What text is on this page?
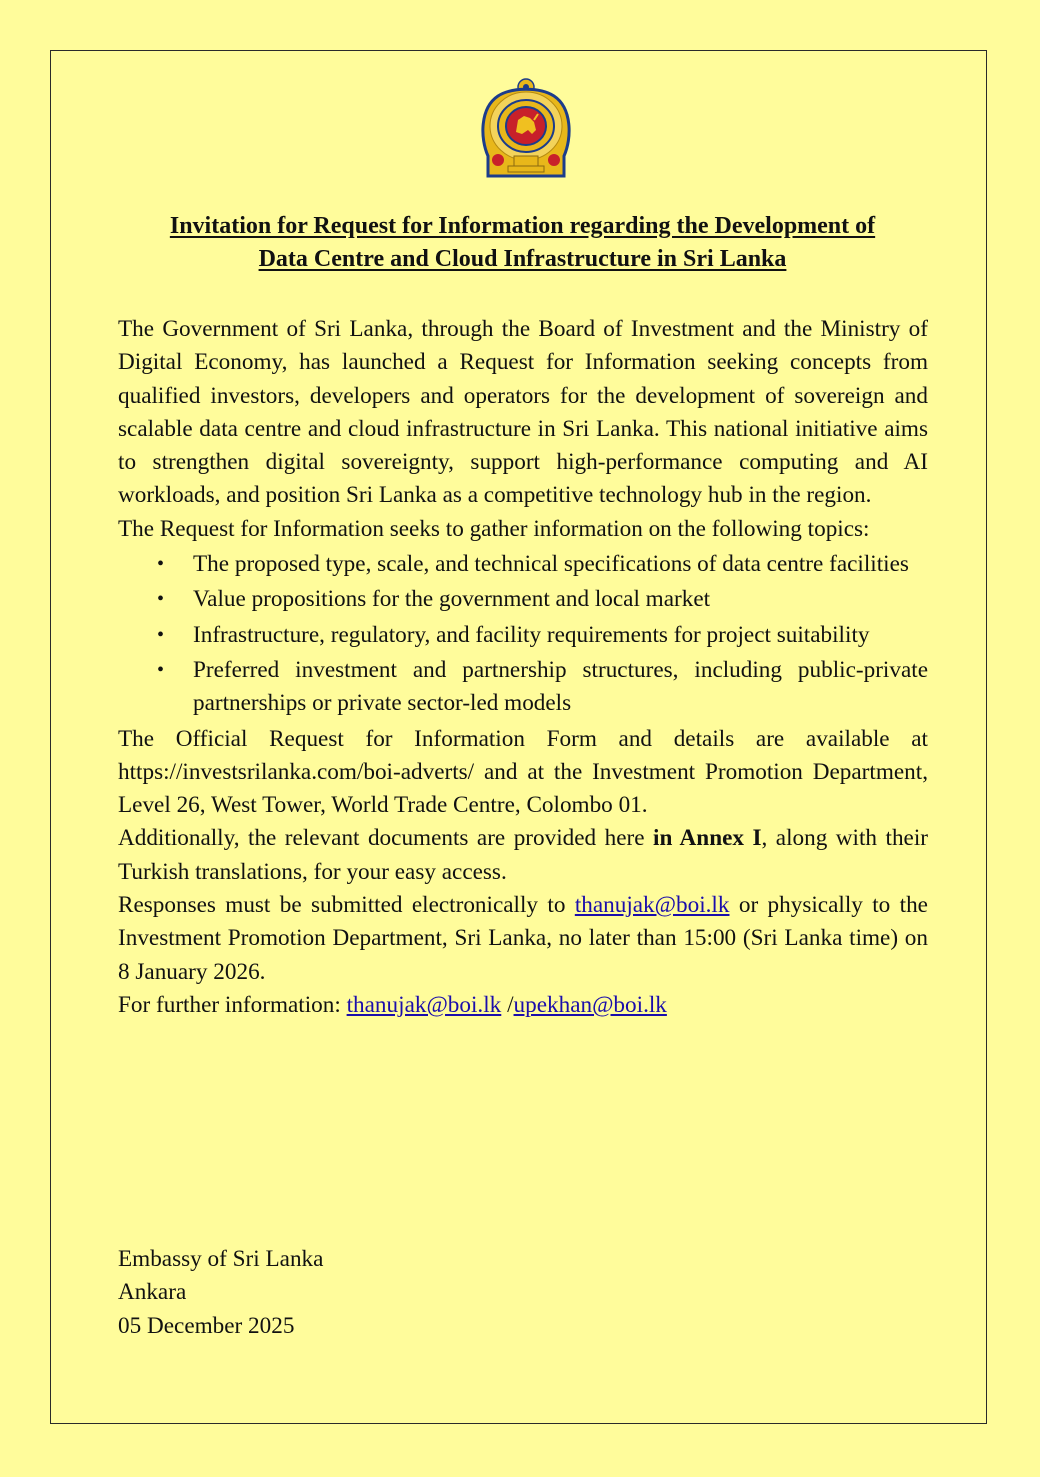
Invitation for Request for Information regarding the Development of
Data Centre and Cloud Infrastructure in Sri Lanka

The Government of Sri Lanka, through the Board of Investment and the Ministry of Digital Economy, has launched a Request for Information seeking concepts from qualified investors, developers and operators for the development of sovereign and scalable data centre and cloud infrastructure in Sri Lanka. This national initiative aims to strengthen digital sovereignty, support high-performance computing and AI workloads, and position Sri Lanka as a competitive technology hub in the region.

The Request for Information seeks to gather information on the following topics:

• The proposed type, scale, and technical specifications of data centre facilities
• Value propositions for the government and local market
• Infrastructure, regulatory, and facility requirements for project suitability
• Preferred investment and partnership structures, including public-private partnerships or private sector-led models

The Official Request for Information Form and details are available at https://investsrilanka.com/boi-adverts/ and at the Investment Promotion Department, Level 26, West Tower, World Trade Centre, Colombo 01.

Additionally, the relevant documents are provided here in Annex I, along with their Turkish translations, for your easy access.

Responses must be submitted electronically to thanujak@boi.lk or physically to the Investment Promotion Department, Sri Lanka, no later than 15:00 (Sri Lanka time) on 8 January 2026.

For further information: thanujak@boi.lk /upekhan@boi.lk

Embassy of Sri Lanka
Ankara
05 December 2025
